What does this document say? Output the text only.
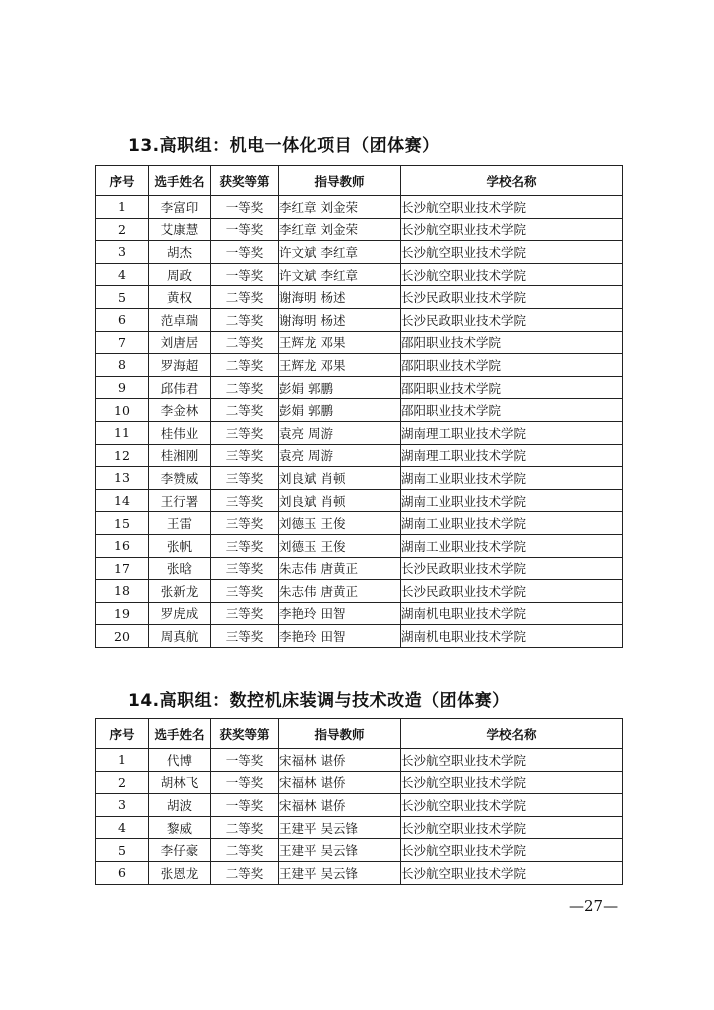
13.高职组：机电一体化项目（团体赛）
序号	选手姓名	获奖等第	指导教师	学校名称
1	李富印	一等奖	李红章 刘金荣	长沙航空职业技术学院
2	艾康慧	一等奖	李红章 刘金荣	长沙航空职业技术学院
3	胡杰	一等奖	许文斌 李红章	长沙航空职业技术学院
4	周政	一等奖	许文斌 李红章	长沙航空职业技术学院
5	黄权	二等奖	谢海明 杨述	长沙民政职业技术学院
6	范卓瑞	二等奖	谢海明 杨述	长沙民政职业技术学院
7	刘唐居	二等奖	王辉龙 邓果	邵阳职业技术学院
8	罗海超	二等奖	王辉龙 邓果	邵阳职业技术学院
9	邱伟君	二等奖	彭娟 郭鹏	邵阳职业技术学院
10	李金林	二等奖	彭娟 郭鹏	邵阳职业技术学院
11	桂伟业	三等奖	袁亮 周游	湖南理工职业技术学院
12	桂湘刚	三等奖	袁亮 周游	湖南理工职业技术学院
13	李赞威	三等奖	刘良斌 肖顿	湖南工业职业技术学院
14	王行署	三等奖	刘良斌 肖顿	湖南工业职业技术学院
15	王雷	三等奖	刘德玉 王俊	湖南工业职业技术学院
16	张帆	三等奖	刘德玉 王俊	湖南工业职业技术学院
17	张晗	三等奖	朱志伟 唐黄正	长沙民政职业技术学院
18	张新龙	三等奖	朱志伟 唐黄正	长沙民政职业技术学院
19	罗虎成	三等奖	李艳玲 田智	湖南机电职业技术学院
20	周真航	三等奖	李艳玲 田智	湖南机电职业技术学院
14.高职组：数控机床装调与技术改造（团体赛）
序号	选手姓名	获奖等第	指导教师	学校名称
1	代博	一等奖	宋福林 谌侨	长沙航空职业技术学院
2	胡林飞	一等奖	宋福林 谌侨	长沙航空职业技术学院
3	胡波	一等奖	宋福林 谌侨	长沙航空职业技术学院
4	黎威	二等奖	王建平 吴云锋	长沙航空职业技术学院
5	李仔豪	二等奖	王建平 吴云锋	长沙航空职业技术学院
6	张恩龙	二等奖	王建平 吴云锋	长沙航空职业技术学院
—27—
